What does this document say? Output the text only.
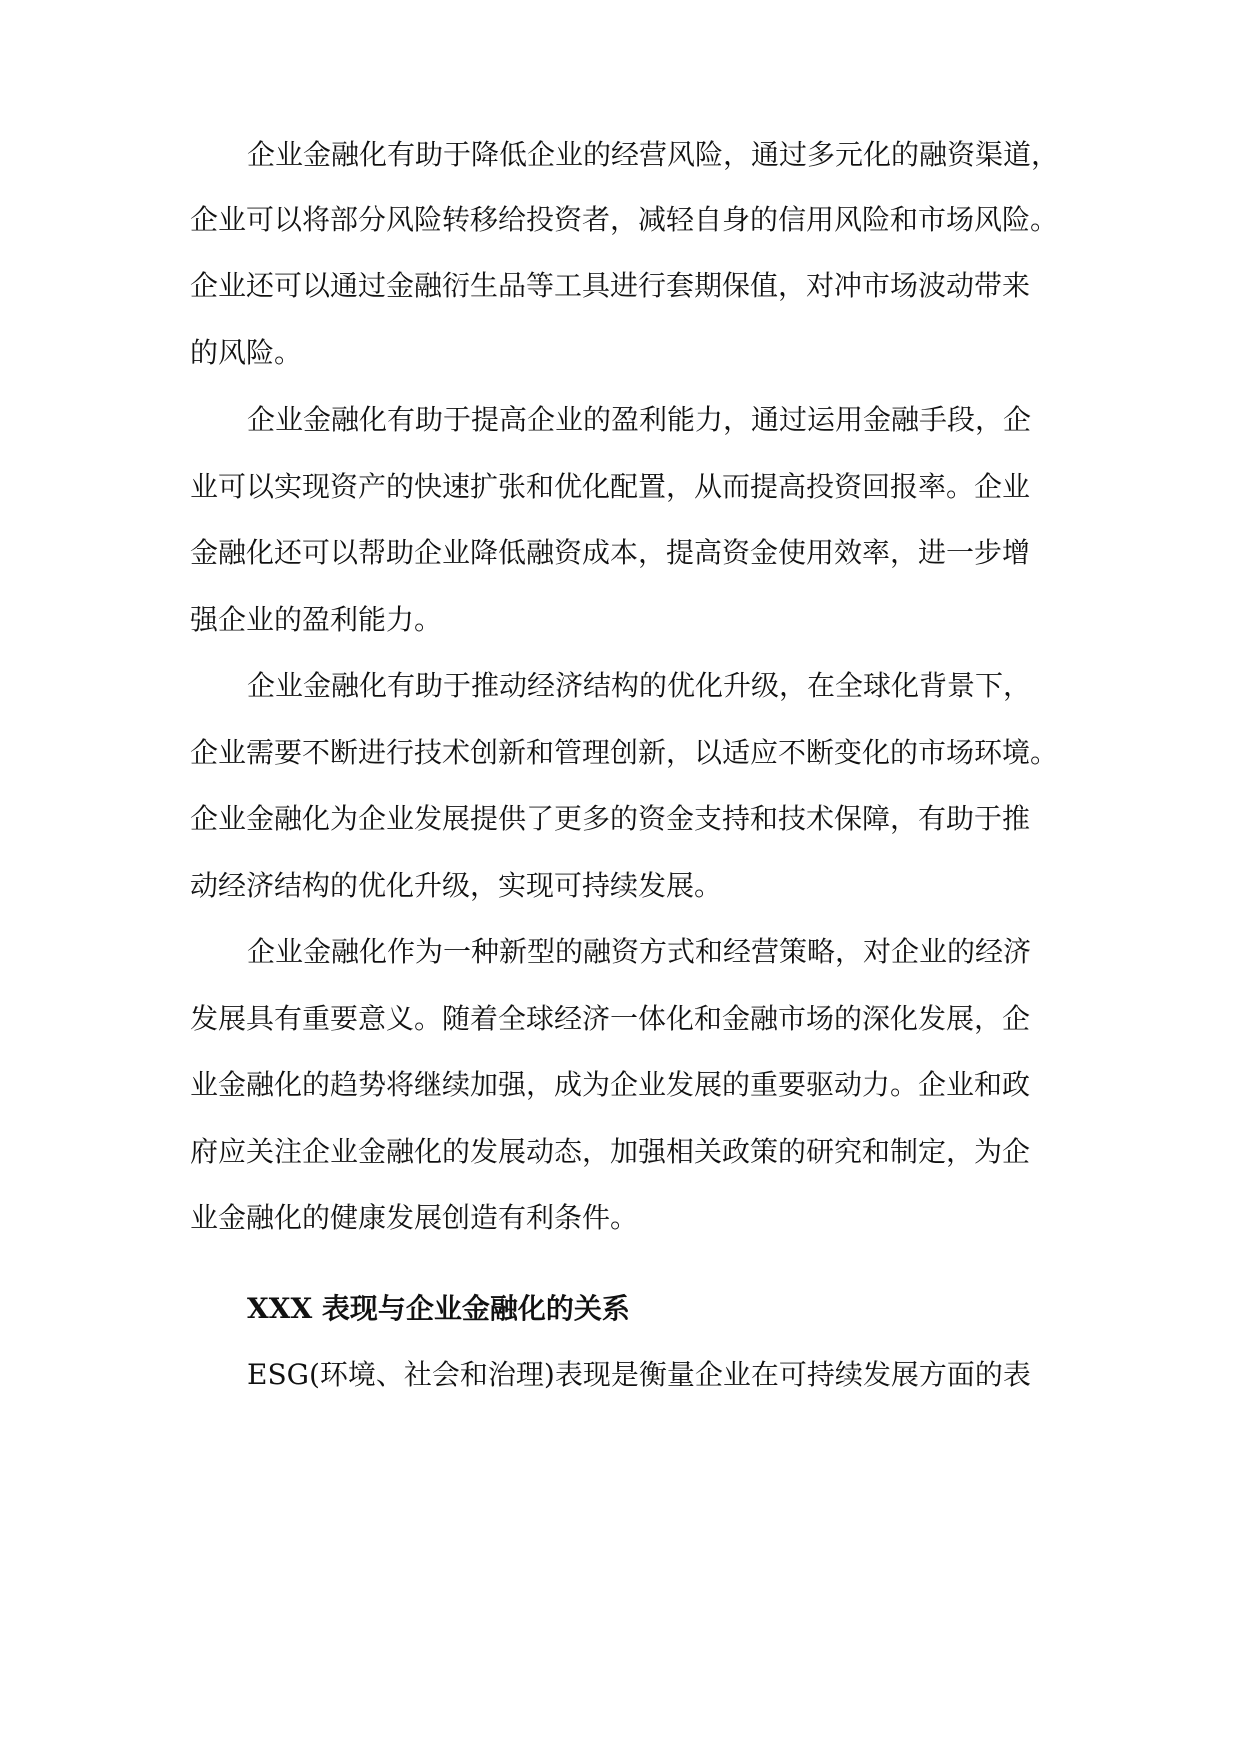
企业金融化有助于降低企业的经营风险，通过多元化的融资渠道，
企业可以将部分风险转移给投资者，减轻自身的信用风险和市场风险。
企业还可以通过金融衍生品等工具进行套期保值，对冲市场波动带来
的风险。
企业金融化有助于提高企业的盈利能力，通过运用金融手段，企
业可以实现资产的快速扩张和优化配置，从而提高投资回报率。企业
金融化还可以帮助企业降低融资成本，提高资金使用效率，进一步增
强企业的盈利能力。
企业金融化有助于推动经济结构的优化升级，在全球化背景下，
企业需要不断进行技术创新和管理创新，以适应不断变化的市场环境。
企业金融化为企业发展提供了更多的资金支持和技术保障，有助于推
动经济结构的优化升级，实现可持续发展。
企业金融化作为一种新型的融资方式和经营策略，对企业的经济
发展具有重要意义。随着全球经济一体化和金融市场的深化发展，企
业金融化的趋势将继续加强，成为企业发展的重要驱动力。企业和政
府应关注企业金融化的发展动态，加强相关政策的研究和制定，为企
业金融化的健康发展创造有利条件。
XXX 表现与企业金融化的关系
ESG(环境、社会和治理)表现是衡量企业在可持续发展方面的表
